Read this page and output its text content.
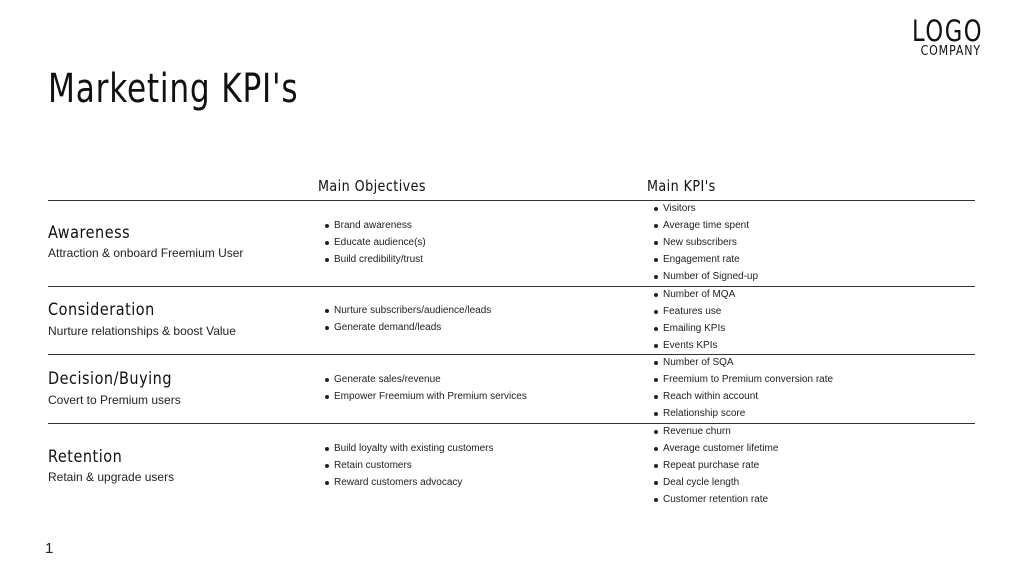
Marketing KPI's
LOGO
COMPANY
Main Objectives	Main KPI's
Awareness
Attraction & onboard Freemium User
Brand awareness
Educate audience(s)
Build credibility/trust
Visitors
Average time spent
New subscribers
Engagement rate
Number of Signed-up
Consideration
Nurture relationships & boost Value
Nurture subscribers/audience/leads
Generate demand/leads
Number of MQA
Features use
Emailing KPIs
Events KPIs
Decision/Buying
Covert to Premium users
Generate sales/revenue
Empower Freemium with Premium services
Number of SQA
Freemium to Premium conversion rate
Reach within account
Relationship score
Retention
Retain & upgrade users
Build loyalty with existing customers
Retain customers
Reward customers advocacy
Revenue churn
Average customer lifetime
Repeat purchase rate
Deal cycle length
Customer retention rate
1
